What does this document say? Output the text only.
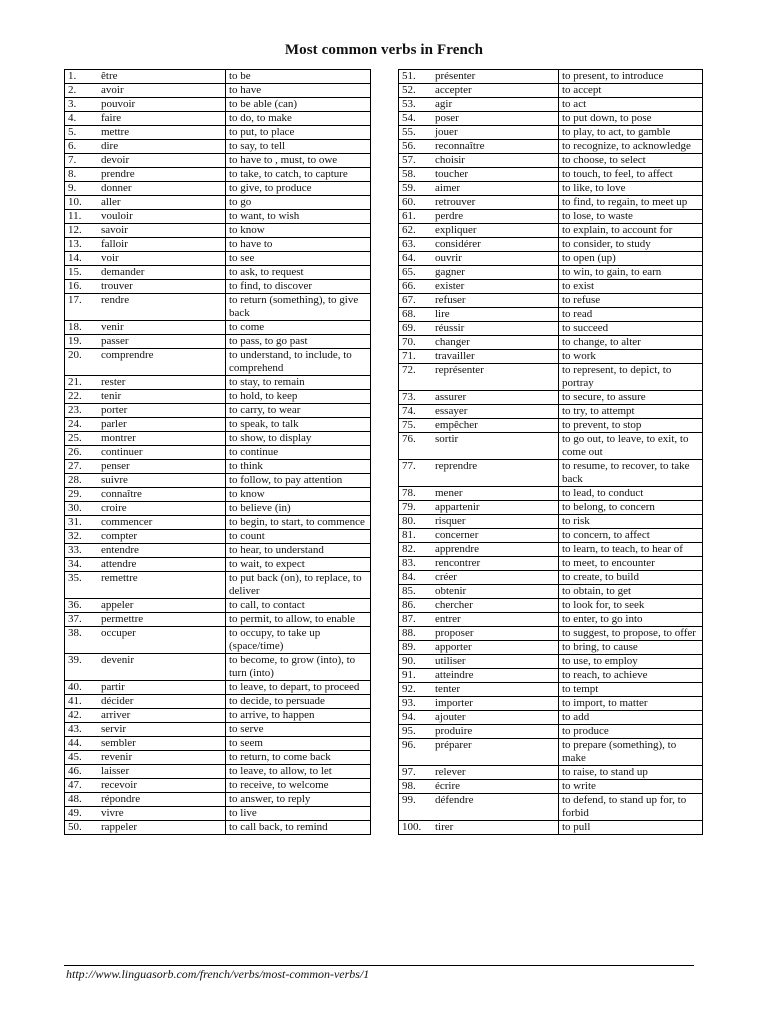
Most common verbs in French
1. être	to be
2. avoir	to have
3. pouvoir	to be able (can)
4. faire	to do, to make
5. mettre	to put, to place
6. dire	to say, to tell
7. devoir	to have to , must, to owe
8. prendre	to take, to catch, to capture
9. donner	to give, to produce
10. aller	to go
11. vouloir	to want, to wish
12. savoir	to know
13. falloir	to have to
14. voir	to see
15. demander	to ask, to request
16. trouver	to find, to discover
17. rendre	to return (something), to give back
18. venir	to come
19. passer	to pass, to go past
20. comprendre	to understand, to include, to comprehend
21. rester	to stay, to remain
22. tenir	to hold, to keep
23. porter	to carry, to wear
24. parler	to speak, to talk
25. montrer	to show, to display
26. continuer	to continue
27. penser	to think
28. suivre	to follow, to pay attention
29. connaître	to know
30. croire	to believe (in)
31. commencer	to begin, to start, to commence
32. compter	to count
33. entendre	to hear, to understand
34. attendre	to wait, to expect
35. remettre	to put back (on), to replace, to deliver
36. appeler	to call, to contact
37. permettre	to permit, to allow, to enable
38. occuper	to occupy, to take up (space/time)
39. devenir	to become, to grow (into), to turn (into)
40. partir	to leave, to depart, to proceed
41. décider	to decide, to persuade
42. arriver	to arrive, to happen
43. servir	to serve
44. sembler	to seem
45. revenir	to return, to come back
46. laisser	to leave, to allow, to let
47. recevoir	to receive, to welcome
48. répondre	to answer, to reply
49. vivre	to live
50. rappeler	to call back, to remind
51. présenter	to present, to introduce
52. accepter	to accept
53. agir	to act
54. poser	to put down, to pose
55. jouer	to play, to act, to gamble
56. reconnaître	to recognize, to acknowledge
57. choisir	to choose, to select
58. toucher	to touch, to feel, to affect
59. aimer	to like, to love
60. retrouver	to find, to regain, to meet up
61. perdre	to lose, to waste
62. expliquer	to explain, to account for
63. considérer	to consider, to study
64. ouvrir	to open (up)
65. gagner	to win, to gain, to earn
66. exister	to exist
67. refuser	to refuse
68. lire	to read
69. réussir	to succeed
70. changer	to change, to alter
71. travailler	to work
72. représenter	to represent, to depict, to portray
73. assurer	to secure, to assure
74. essayer	to try, to attempt
75. empêcher	to prevent, to stop
76. sortir	to go out, to leave, to exit, to come out
77. reprendre	to resume, to recover, to take back
78. mener	to lead, to conduct
79. appartenir	to belong, to concern
80. risquer	to risk
81. concerner	to concern, to affect
82. apprendre	to learn, to teach, to hear of
83. rencontrer	to meet, to encounter
84. créer	to create, to build
85. obtenir	to obtain, to get
86. chercher	to look for, to seek
87. entrer	to enter, to go into
88. proposer	to suggest, to propose, to offer
89. apporter	to bring, to cause
90. utiliser	to use, to employ
91. atteindre	to reach, to achieve
92. tenter	to tempt
93. importer	to import, to matter
94. ajouter	to add
95. produire	to produce
96. préparer	to prepare (something), to make
97. relever	to raise, to stand up
98. écrire	to write
99. défendre	to defend, to stand up for, to forbid
100. tirer	to pull
http://www.linguasorb.com/french/verbs/most-common-verbs/1
